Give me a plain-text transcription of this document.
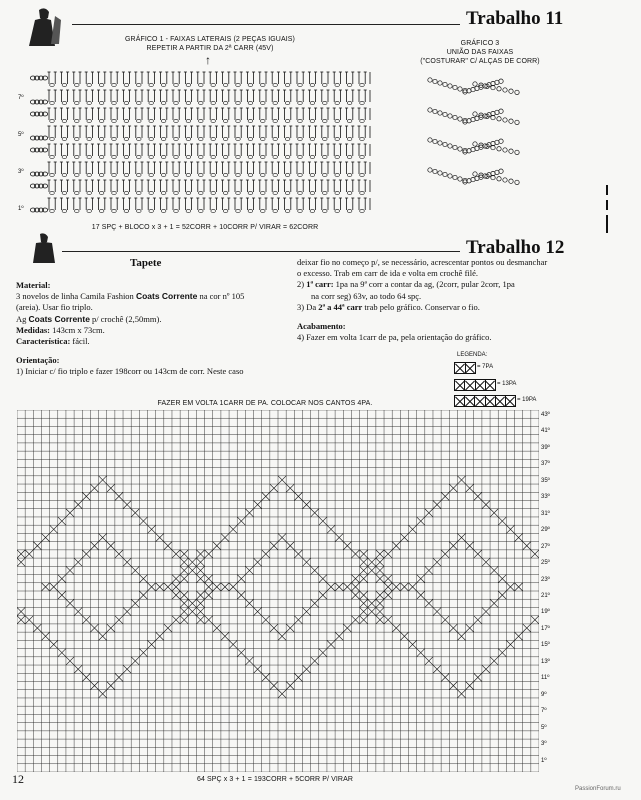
Trabalho 11
GRÁFICO 1 - FAIXAS LATERAIS (2 PEÇAS IGUAIS)
REPETIR A PARTIR DA 2ª CARR (45V)
↑
7º
5º
3º
1º
17 SPÇ + BLOCO x 3 + 1 = 52CORR + 10CORR P/ VIRAR = 62CORR
GRÁFICO 3
UNIÃO DAS FAIXAS
("COSTURAR" C/ ALÇAS DE CORR)
Trabalho 12
Tapete
Material:
3 novelos de linha Camila Fashion Coats Corrente na cor nº 105
(areia). Usar fio triplo.
Ag Coats Corrente p/ crochê (2,50mm).
Medidas: 143cm x 73cm.
Característica: fácil.
Orientação:
1) Iniciar c/ fio triplo e fazer 198corr ou 143cm de corr. Neste caso
deixar fio no começo p/, se necessário, acrescentar pontos ou desmanchar
o excesso. Trab em carr de ida e volta em crochê filé.
2) 1ª carr: 1pa na 9ª corr a contar da ag, (2corr, pular 2corr, 1pa
na corr seg) 63v, ao todo 64 spç.
3) Da 2ª a 44ª carr trab pelo gráfico. Conservar o fio.
Acabamento:
4) Fazer em volta 1carr de pa, pela orientação do gráfico.
LEGENDA:
= 7PA
= 13PA
= 19PA
FAZER EM VOLTA 1CARR DE PA. COLOCAR NOS CANTOS 4PA.
43º
41º
39º
37º
35º
33º
31º
29º
27º
25º
23º
21º
19º
17º
15º
13º
11º
9º
7º
5º
3º
1º
64 SPÇ x 3 + 1 = 193CORR + 5CORR P/ VIRAR
12
PassionForum.ru
